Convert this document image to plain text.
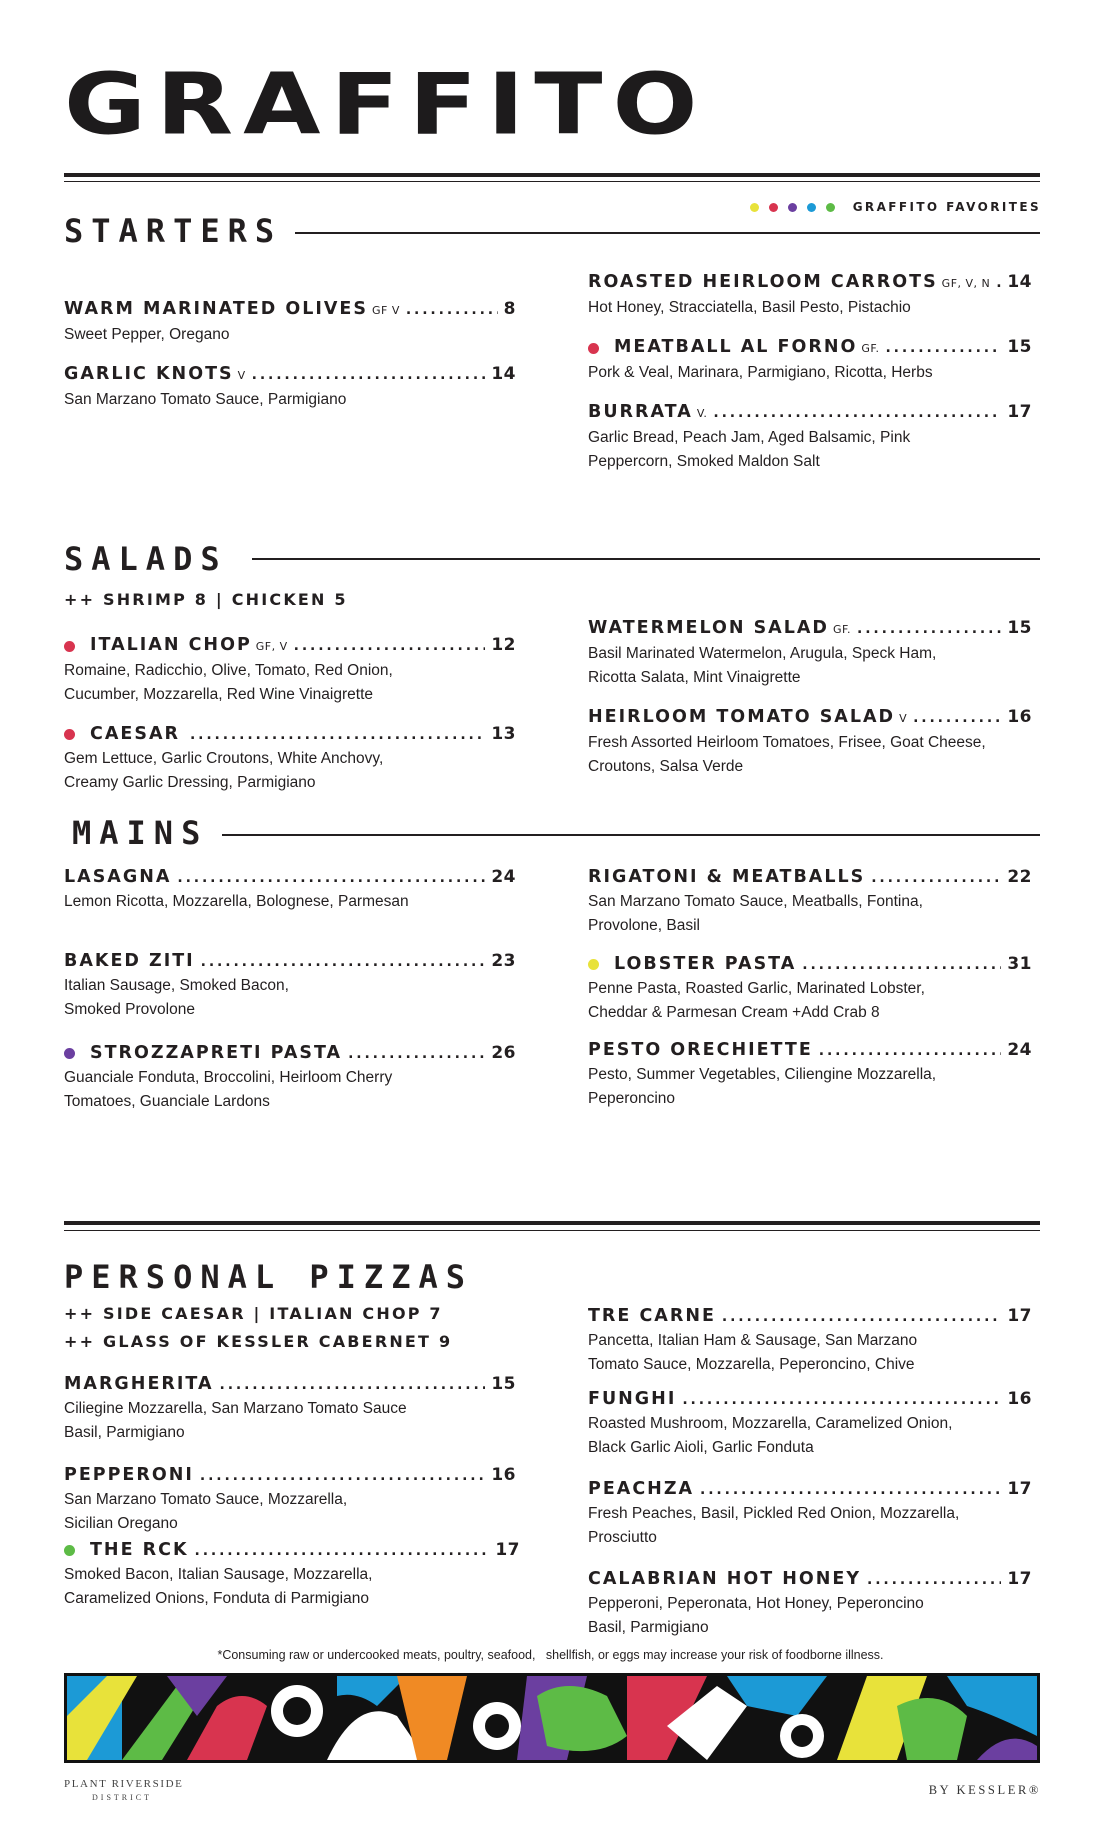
GRAFFITO
GRAFFITO FAVORITES
STARTERS
WARM MARINATED OLIVES GF V . . .	8
Sweet Pepper, Oregano
GARLIC KNOTS V . . .	14
San Marzano Tomato Sauce, Parmigiano
ROASTED HEIRLOOM CARROTS GF, V, N . . . 14
Hot Honey, Stracciatella, Basil Pesto, Pistachio
MEATBALL AL FORNO GF. . . .	15
Pork & Veal, Marinara, Parmigiano, Ricotta, Herbs
BURRATA V. . . .	17
Garlic Bread, Peach Jam, Aged Balsamic, Pink
Peppercorn, Smoked Maldon Salt
SALADS
++ SHRIMP 8 | CHICKEN 5
ITALIAN CHOP GF, V . . .	12
Romaine, Radicchio, Olive, Tomato, Red Onion,
Cucumber, Mozzarella, Red Wine Vinaigrette
CAESAR . . .	13
Gem Lettuce, Garlic Croutons, White Anchovy,
Creamy Garlic Dressing, Parmigiano
WATERMELON SALAD GF. . . .	15
Basil Marinated Watermelon, Arugula, Speck Ham,
Ricotta Salata, Mint Vinaigrette
HEIRLOOM TOMATO SALAD V . . .	16
Fresh Assorted Heirloom Tomatoes, Frisee, Goat Cheese,
Croutons, Salsa Verde
MAINS
LASAGNA . . .	24
Lemon Ricotta, Mozzarella, Bolognese, Parmesan
BAKED ZITI . . .	23
Italian Sausage, Smoked Bacon,
Smoked Provolone
STROZZAPRETI PASTA . . .	26
Guanciale Fonduta, Broccolini, Heirloom Cherry
Tomatoes, Guanciale Lardons
RIGATONI & MEATBALLS . . .	22
San Marzano Tomato Sauce, Meatballs, Fontina,
Provolone, Basil
LOBSTER PASTA . . .	31
Penne Pasta, Roasted Garlic, Marinated Lobster,
Cheddar & Parmesan Cream +Add Crab 8
PESTO ORECHIETTE . . .	24
Pesto, Summer Vegetables, Ciliengine Mozzarella,
Peperoncino
PERSONAL PIZZAS
++ SIDE CAESAR | ITALIAN CHOP 7
++ GLASS OF KESSLER CABERNET 9
MARGHERITA . . .	15
Ciliegine Mozzarella, San Marzano Tomato Sauce
Basil, Parmigiano
PEPPERONI . . .	16
San Marzano Tomato Sauce, Mozzarella,
Sicilian Oregano
THE RCK . . .	17
Smoked Bacon, Italian Sausage, Mozzarella,
Caramelized Onions, Fonduta di Parmigiano
TRE CARNE . . .	17
Pancetta, Italian Ham & Sausage, San Marzano
Tomato Sauce, Mozzarella, Peperoncino, Chive
FUNGHI . . .	16
Roasted Mushroom, Mozzarella, Caramelized Onion,
Black Garlic Aioli, Garlic Fonduta
PEACHZA . . .	17
Fresh Peaches, Basil, Pickled Red Onion, Mozzarella,
Prosciutto
CALABRIAN HOT HONEY . . .	17
Pepperoni, Peperonata, Hot Honey, Peperoncino
Basil, Parmigiano
*Consuming raw or undercooked meats, poultry, seafood,   shellfish, or eggs may increase your risk of foodborne illness.
PLANT RIVERSIDE
DISTRICT
BY KESSLER®
